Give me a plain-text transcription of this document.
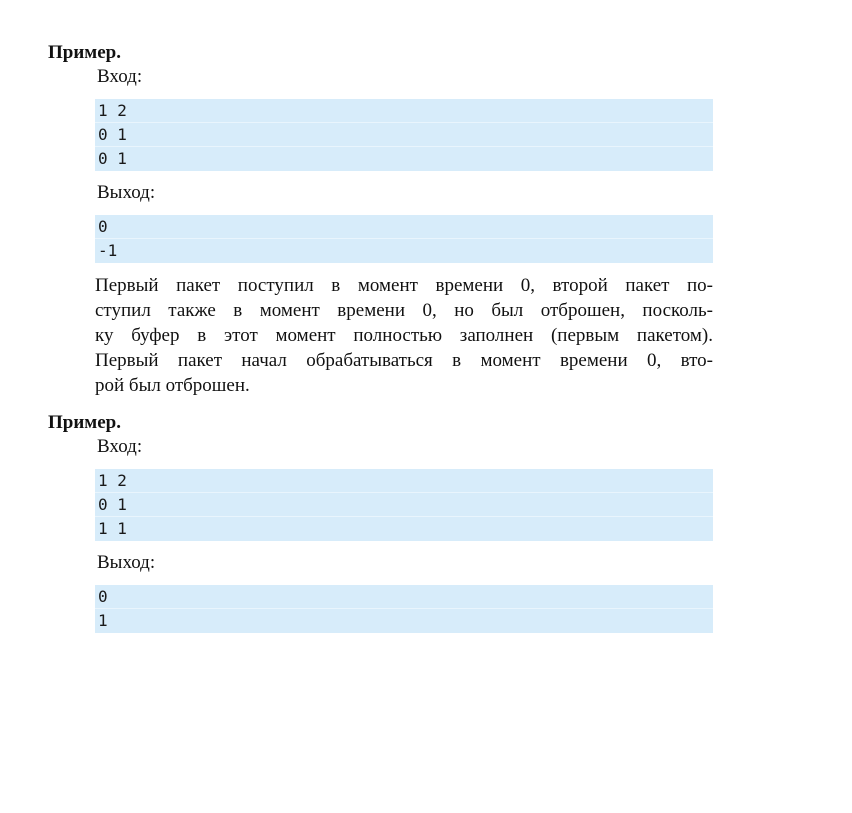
Пример.
Вход:
1 2
0 1
0 1
Выход:
0
-1

Первый пакет поступил в момент времени 0, второй пакет по-
ступил также в момент времени 0, но был отброшен, посколь-
ку буфер в этот момент полностью заполнен (первым пакетом).
Первый пакет начал обрабатываться в момент времени 0, вто-
рой был отброшен.

Пример.
Вход:
1 2
0 1
1 1
Выход:
0
1
